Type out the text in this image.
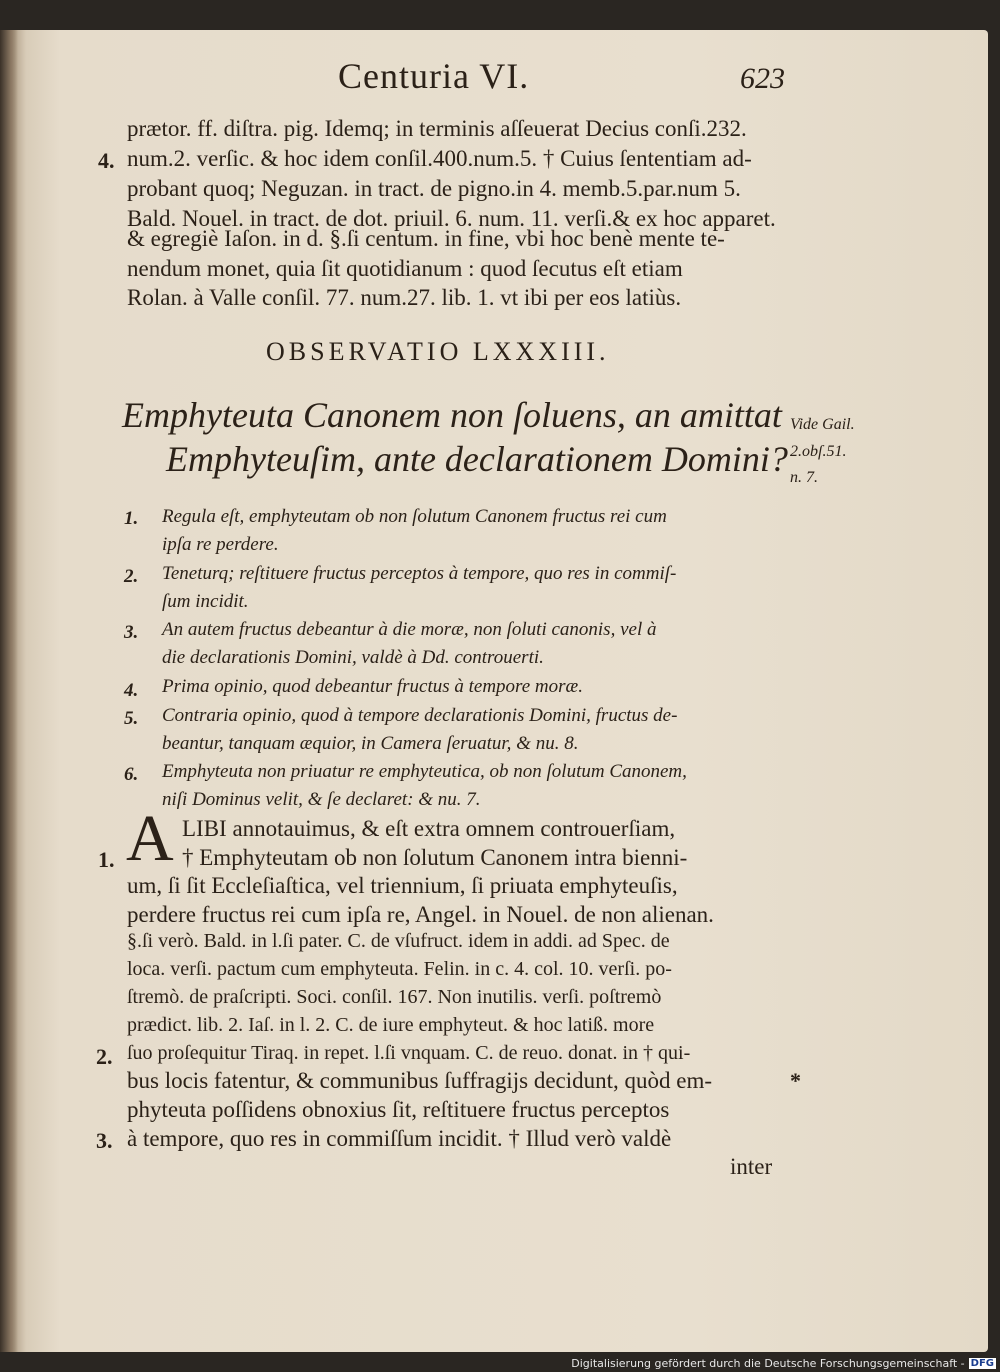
Centuria VI.	623
prætor. ff. diſtra. pig. Idemq; in terminis aſſeuerat Decius conſi.232.
num.2. verſic. & hoc idem conſil.400.num.5. † Cuius ſententiam ad-
probant quoq; Neguzan. in tract. de pigno.in 4. memb.5.par.num 5.
Bald. Nouel. in tract. de dot. priuil. 6. num. 11. verſi.& ex hoc apparet.
& egregiè Iaſon. in d. §.ſi centum. in fine, vbi hoc benè mente te-
nendum monet, quia ſit quotidianum : quod ſecutus eſt etiam
Rolan. à Valle conſil. 77. num.27. lib. 1. vt ibi per eos latiùs.
4.
OBSERVATIO LXXXIII.
Emphyteuta Canonem non ſoluens, an amittat
Emphyteuſim, ante declarationem Domini?
Vide Gail.
2.obſ.51.
n. 7.
1. Regula eſt, emphyteutam ob non ſolutum Canonem fructus rei cum
ipſa re perdere.
2. Teneturq; reſtituere fructus perceptos à tempore, quo res in commiſ-
ſum incidit.
3. An autem fructus debeantur à die moræ, non ſoluti canonis, vel à
die declarationis Domini, valdè à Dd. controuerti.
4. Prima opinio, quod debeantur fructus à tempore moræ.
5. Contraria opinio, quod à tempore declarationis Domini, fructus de-
beantur, tanquam æquior, in Camera ſeruatur, & nu. 8.
6. Emphyteuta non priuatur re emphyteutica, ob non ſolutum Canonem,
niſi Dominus velit, & ſe declaret: & nu. 7.
A LIBI annotauimus, & eſt extra omnem controuerſiam,
† Emphyteutam ob non ſolutum Canonem intra bienni-
um, ſi ſit Eccleſiaſtica, vel triennium, ſi priuata emphyteuſis,
perdere fructus rei cum ipſa re, Angel. in Nouel. de non alienan.
§.ſi verò. Bald. in l.ſi pater. C. de vſufruct. idem in addi. ad Spec. de
loca. verſi. pactum cum emphyteuta. Felin. in c. 4. col. 10. verſi. po-
ſtremò. de praſcripti. Soci. conſil. 167. Non inutilis. verſi. poſtremò
prædict. lib. 2. Iaſ. in l. 2. C. de iure emphyteut. & hoc latiß. more
ſuo proſequitur Tiraq. in repet. l.ſi vnquam. C. de reuo. donat. in † qui-
bus locis fatentur, & communibus ſuffragijs decidunt, quòd em-
phyteuta poſſidens obnoxius ſit, reſtituere fructus perceptos
à tempore, quo res in commiſſum incidit. † Illud verò valdè
inter
1.
2.
3.
*
Digitalisierung gefördert durch die Deutsche Forschungsgemeinschaft - DFG
